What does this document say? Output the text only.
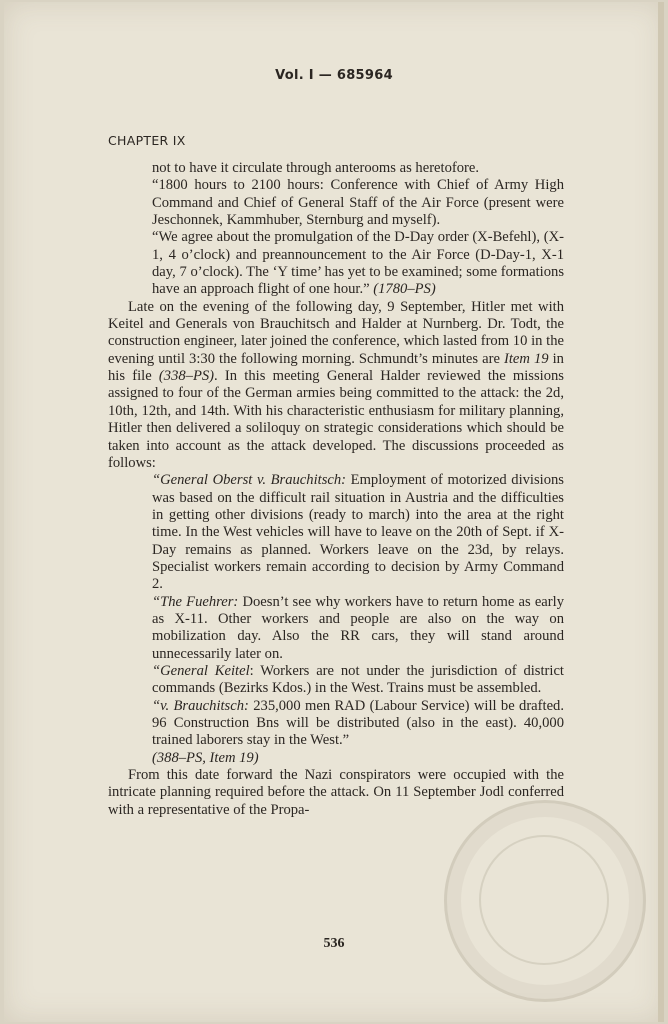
Vol. I — 685964
CHAPTER IX

not to have it circulate through anterooms as heretofore.

“1800 hours to 2100 hours: Conference with Chief of Army High Command and Chief of General Staff of the Air Force (present were Jeschonnek, Kammhuber, Sternburg and myself).

“We agree about the promulgation of the D-Day order (X-Befehl), (X-1, 4 o’clock) and preannouncement to the Air Force (D-Day-1, X-1 day, 7 o’clock). The ‘Y time’ has yet to be examined; some formations have an approach flight of one hour.” (1780–PS)

Late on the evening of the following day, 9 September, Hitler met with Keitel and Generals von Brauchitsch and Halder at Nurnberg. Dr. Todt, the construction engineer, later joined the conference, which lasted from 10 in the evening until 3:30 the following morning. Schmundt’s minutes are Item 19 in his file (338–PS). In this meeting General Halder reviewed the missions assigned to four of the German armies being committed to the attack: the 2d, 10th, 12th, and 14th. With his characteristic enthusiasm for military planning, Hitler then delivered a soliloquy on strategic considerations which should be taken into account as the attack developed. The discussions proceeded as follows:

“General Oberst v. Brauchitsch: Employment of motorized divisions was based on the difficult rail situation in Austria and the difficulties in getting other divisions (ready to march) into the area at the right time. In the West vehicles will have to leave on the 20th of Sept. if X-Day remains as planned. Workers leave on the 23d, by relays. Specialist workers remain according to decision by Army Command 2.

“The Fuehrer: Doesn’t see why workers have to return home as early as X-11. Other workers and people are also on the way on mobilization day. Also the RR cars, they will stand around unnecessarily later on.

“General Keitel: Workers are not under the jurisdiction of district commands (Bezirks Kdos.) in the West. Trains must be assembled.

“v. Brauchitsch: 235,000 men RAD (Labour Service) will be drafted. 96 Construction Bns will be distributed (also in the east). 40,000 trained laborers stay in the West.”

(388–PS, Item 19)

From this date forward the Nazi conspirators were occupied with the intricate planning required before the attack. On 11 September Jodl conferred with a representative of the Propa-

536
